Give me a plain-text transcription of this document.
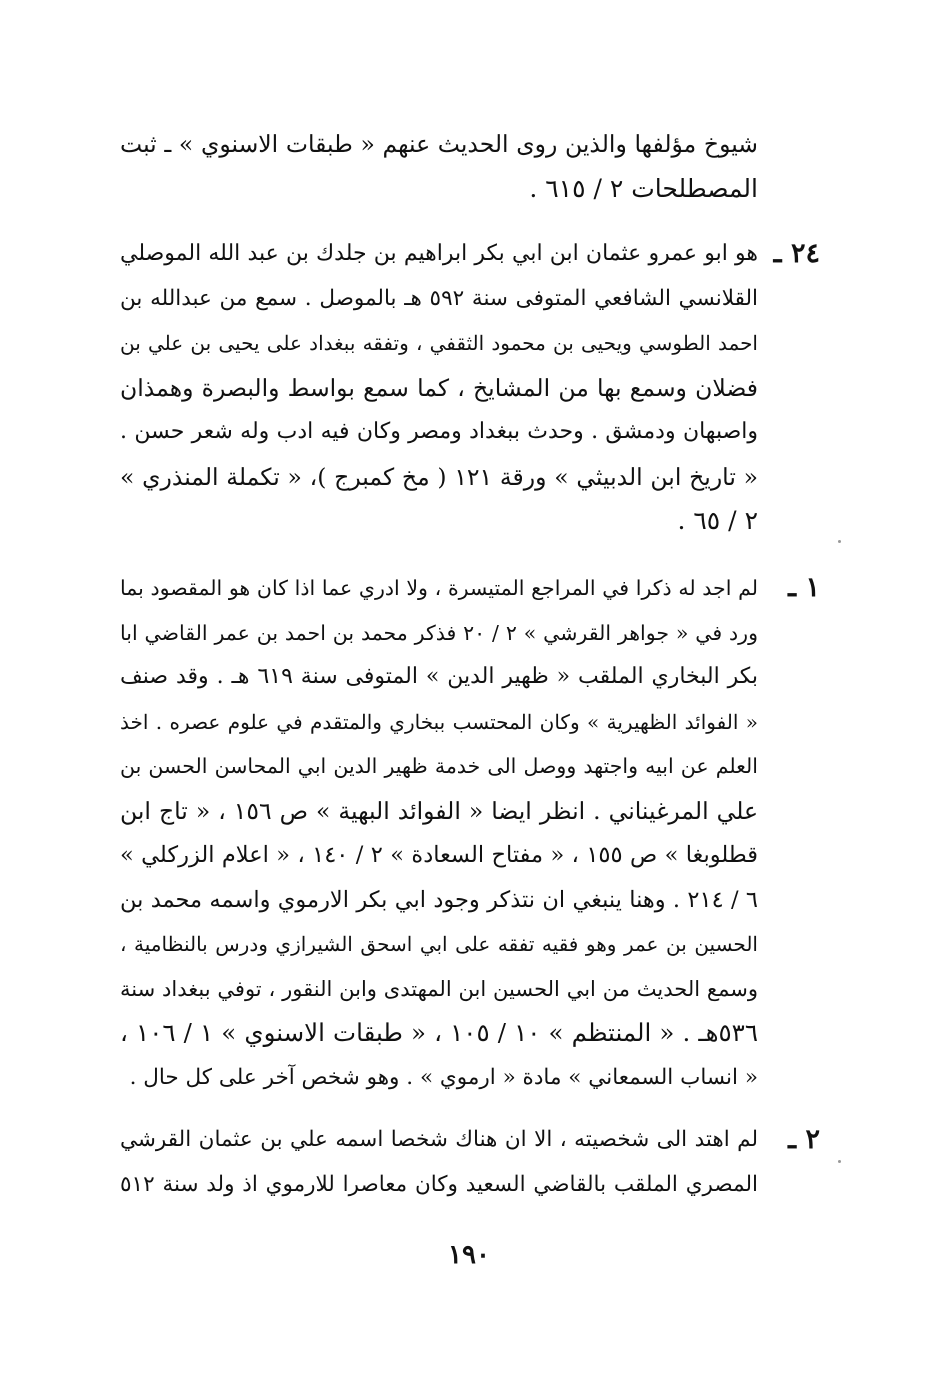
شيوخ مؤلفها والذين روى الحديث عنهم « طبقات الاسنوي » ـ ثبت
المصطلحات ٢ / ٦١٥ .
٢٤ ـ
هو ابو عمرو عثمان ابن ابي بكر ابراهيم بن جلدك بن عبد الله الموصلي
القلانسي الشافعي المتوفى سنة ٥٩٢ هـ بالموصل . سمع من عبدالله بن
احمد الطوسي ويحيى بن محمود الثقفي ، وتفقه ببغداد على يحيى بن علي بن
فضلان وسمع بها من المشايخ ، كما سمع بواسط والبصرة وهمذان
واصبهان ودمشق . وحدث ببغداد ومصر وكان فيه ادب وله شعر حسن .
« تاريخ ابن الدبيثي » ورقة ١٢١ ( مخ كمبرج )، « تكملة المنذري »
٢ / ٦٥ .
١ ـ
لم اجد له ذكرا في المراجع المتيسرة ، ولا ادري عما اذا كان هو المقصود بما
ورد في « جواهر القرشي » ٢ / ٢٠ فذكر محمد بن احمد بن عمر القاضي ابا
بكر البخاري الملقب « ظهير الدين » المتوفى سنة ٦١٩ هـ . وقد صنف
« الفوائد الظهيرية » وكان المحتسب ببخاري والمتقدم في علوم عصره . اخذ
العلم عن ابيه واجتهد ووصل الى خدمة ظهير الدين ابي المحاسن الحسن بن
علي المرغيناني . انظر ايضا « الفوائد البهية » ص ١٥٦ ، « تاج ابن
قطلوبغا » ص ١٥٥ ، « مفتاح السعادة » ٢ / ١٤٠ ، « اعلام الزركلي »
٦ / ٢١٤ . وهنا ينبغي ان نتذكر وجود ابي بكر الارموي واسمه محمد بن
الحسين بن عمر وهو فقيه تفقه على ابي اسحق الشيرازي ودرس بالنظامية ،
وسمع الحديث من ابي الحسين ابن المهتدى وابن النقور ، توفي ببغداد سنة
٥٣٦هـ . « المنتظم » ١٠ / ١٠٥ ، « طبقات الاسنوي » ١ / ١٠٦ ،
« انساب السمعاني » مادة « ارموي » . وهو شخص آخر على كل حال .
٢ ـ
لم اهتد الى شخصيته ، الا ان هناك شخصا اسمه علي بن عثمان القرشي
المصري الملقب بالقاضي السعيد وكان معاصرا للارموي اذ ولد سنة ٥١٢
١٩٠
